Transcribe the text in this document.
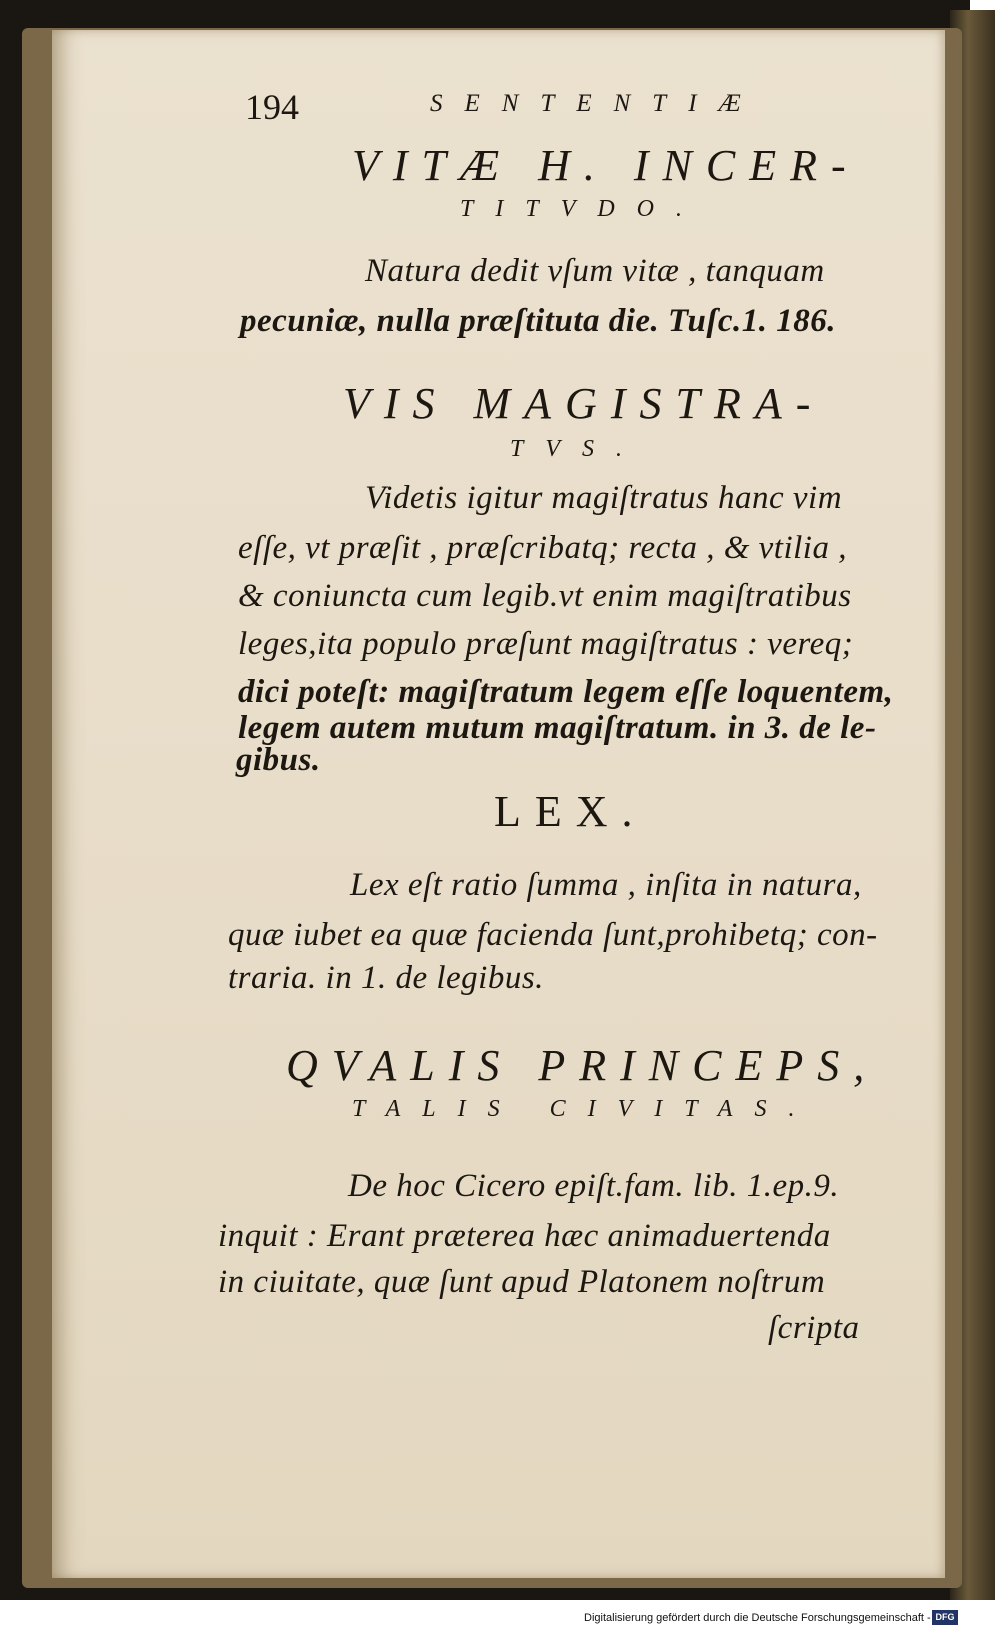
194	SENTENTIÆ
VITÆ H. INCER-
TITVDO.
Natura dedit vſum vitæ , tanquam
pecuniæ, nulla præſtituta die. Tuſc.1. 186.
VIS MAGISTRA-
TVS.
Videtis igitur magiſtratus hanc vim
eſſe, vt præſit , præſcribatq; recta , & vtilia ,
& coniuncta cum legib.vt enim magiſtratibus
leges,ita populo præſunt magiſtratus : vereq;
dici poteſt: magiſtratum legem eſſe loquentem,
legem autem mutum magiſtratum. in 3. de le-
gibus.
LEX.
Lex eſt ratio ſumma , inſita in natura,
quæ iubet ea quæ facienda ſunt,prohibetq; con-
traria. in 1. de legibus.
QVALIS PRINCEPS,
TALIS CIVITAS.
De hoc Cicero epiſt.fam. lib. 1.ep.9.
inquit : Erant præterea hæc animaduertenda
in ciuitate, quæ ſunt apud Platonem noſtrum
ſcripta
Digitalisierung gefördert durch die Deutsche Forschungsgemeinschaft - DFG
